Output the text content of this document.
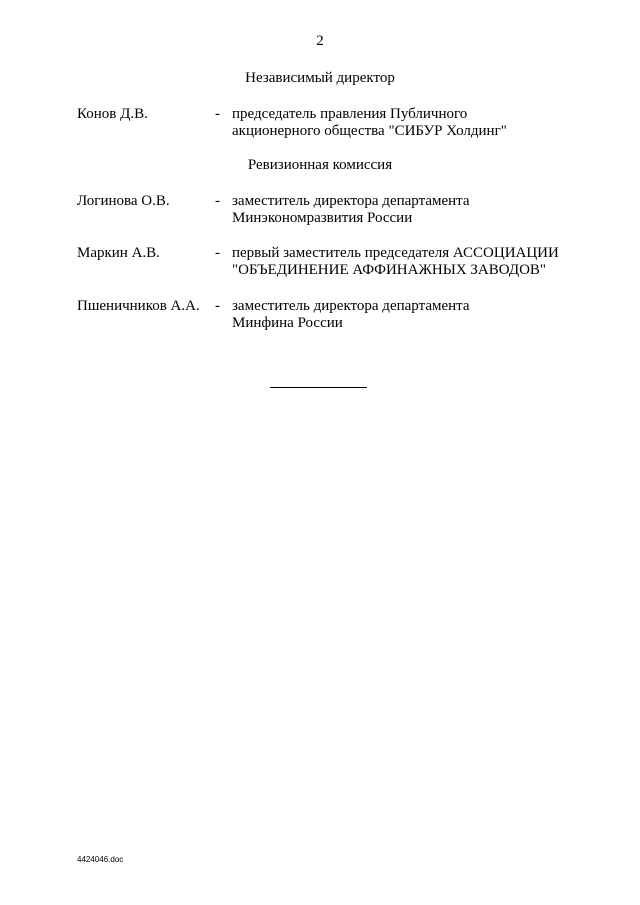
2
Независимый директор
Конов Д.В.	- председатель правления Публичного
акционерного общества "СИБУР Холдинг"
Ревизионная комиссия
Логинова О.В.	- заместитель директора департамента
Минэкономразвития России
Маркин А.В.	- первый заместитель председателя АССОЦИАЦИИ
"ОБЪЕДИНЕНИЕ АФФИНАЖНЫХ ЗАВОДОВ"
Пшеничников А.А. - заместитель директора департамента
Минфина России
4424046.doc
